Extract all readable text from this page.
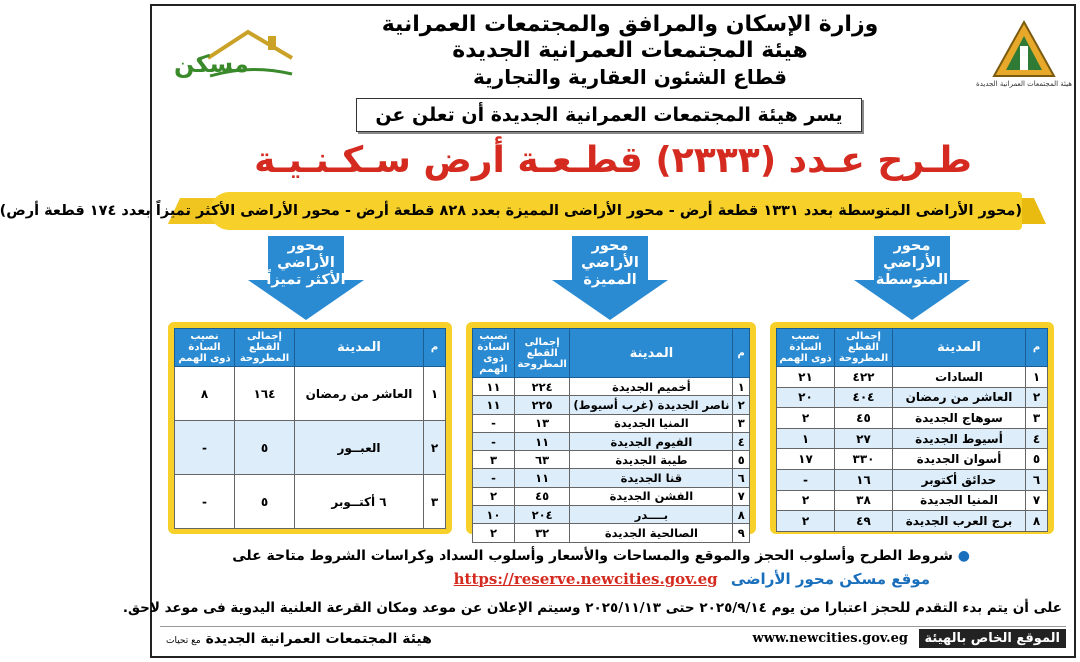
وزارة الإسكان والمرافق والمجتمعات العمرانية
هيئة المجتمعات العمرانية الجديدة
قطاع الشئون العقارية والتجارية	هيئة المجتمعات العمرانية الجديدة
مسكن
يسر هيئة المجتمعات العمرانية الجديدة أن تعلن عن
طـرح عـدد (٢٣٣٣) قطـعـة أرض سـكـنـيـة
(محور الأراضى المتوسطة بعدد ١٣٣١ قطعة أرض - محور الأراضى المميزة بعدد ٨٢٨ قطعة أرض - محور الأراضى الأكثر تميزاً بعدد ١٧٤ قطعة أرض)
محور
الأراضي
المتوسطة
محور
الأراضي
المميزة
محور
الأراضي
الأكثر تميزاً
م	المدينة	إجمالى القطع المطروحة	نصيب السادة ذوى الهمم
١	السادات	٤٢٢	٢١
٢	العاشر من رمضان	٤٠٤	٢٠
٣	سوهاج الجديدة	٤٥	٢
٤	أسيوط الجديدة	٢٧	١
٥	أسوان الجديدة	٣٣٠	١٧
٦	حدائق أكتوبر	١٦	-
٧	المنيا الجديدة	٣٨	٢
٨	برج العرب الجديدة	٤٩	٢
م	المدينة	إجمالى القطع المطروحة	نصيب السادة ذوى الهمم
١	أخميم الجديدة	٢٢٤	١١
٢	ناصر الجديدة (غرب أسيوط)	٢٢٥	١١
٣	المنيا الجديدة	١٣	-
٤	الفيوم الجديدة	١١	-
٥	طيبة الجديدة	٦٣	٣
٦	قنا الجديدة	١١	-
٧	الفشن الجديدة	٤٥	٢
٨	بــــدر	٢٠٤	١٠
٩	الصالحية الجديدة	٣٢	٢
م	المدينة	إجمالى القطع المطروحة	نصيب السادة ذوى الهمم
١	العاشر من رمضان	١٦٤	٨
٢	العبــور	٥	-
٣	٦ أكتــوبر	٥	-
● شروط الطرح وأسلوب الحجز والموقع والمساحات والأسعار وأسلوب السداد وكراسات الشروط متاحة على
موقع مسكن محور الأراضى https://reserve.newcities.gov.eg
على أن يتم بدء التقدم للحجز اعتبارا من يوم ٢٠٢٥/٩/١٤ حتى ٢٠٢٥/١١/١٣ وسيتم الإعلان عن موعد ومكان القرعة العلنية اليدوية فى موعد لاحق.
الموقع الخاص بالهيئة www.newcities.gov.eg
هيئة المجتمعات العمرانية الجديدة مع تحيات
